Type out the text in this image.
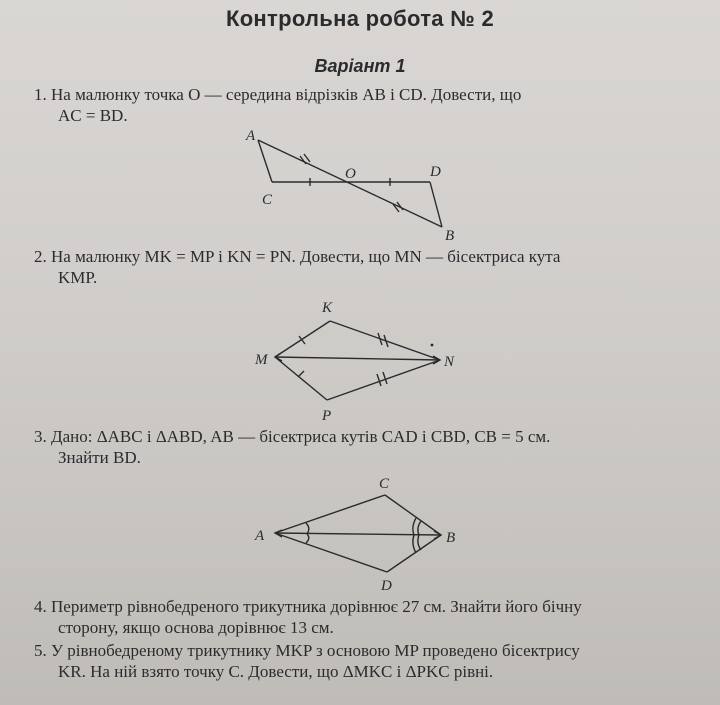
Контрольна робота № 2
Варіант 1
1. На малюнку точка O — середина відрізків AB і CD. Довести, що
AC = BD.
A
O	D
C
B
2. На малюнку MK = MP і KN = PN. Довести, що MN — бісектриса кута
KMP.
K
M	N
P
3. Дано: ΔABC і ΔABD, AB — бісектриса кутів CAD і CBD, CB = 5 см.
Знайти BD.
C
A	B
D
4. Периметр рівнобедреного трикутника дорівнює 27 см. Знайти його бічну
сторону, якщо основа дорівнює 13 см.
5. У рівнобедреному трикутнику MKP з основою MP проведено бісектрису
KR. На ній взято точку C. Довести, що ΔMKC і ΔPKC рівні.
